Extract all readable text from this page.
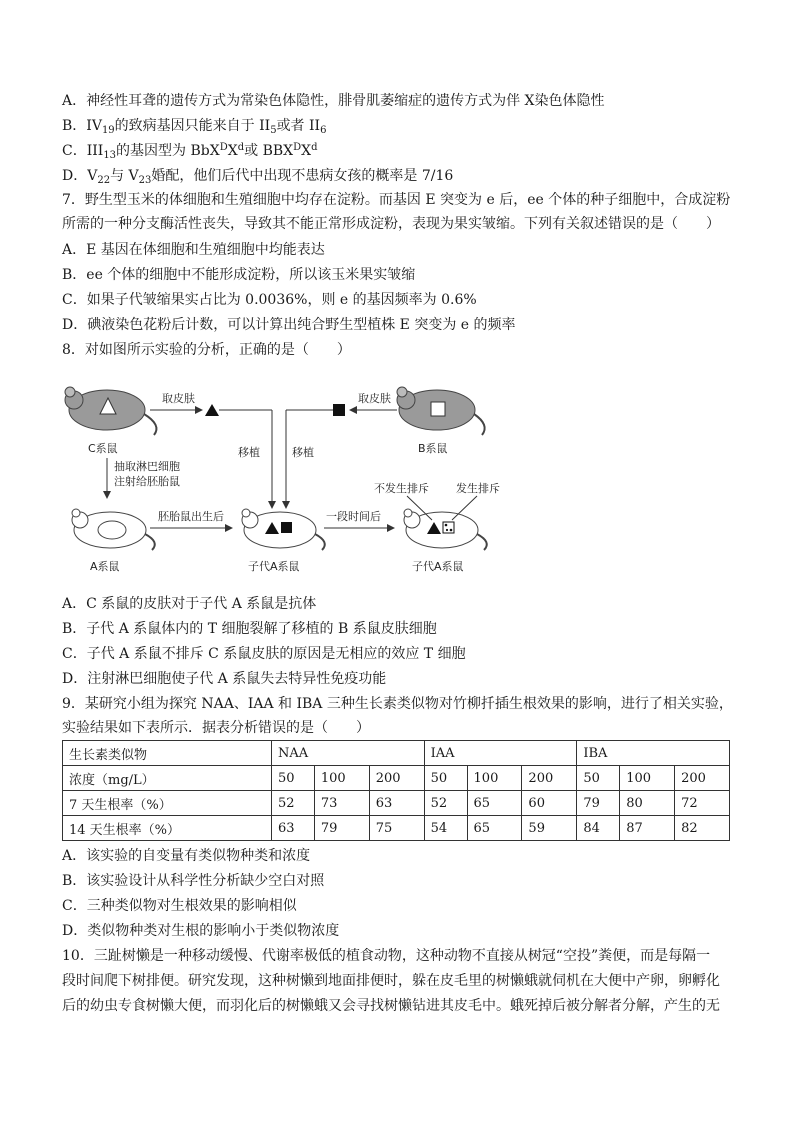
A．神经性耳聋的遗传方式为常染色体隐性，腓骨肌萎缩症的遗传方式为伴 X染色体隐性
B．$IV_{19}$的致病基因只能来自于 $II_5$或者 $II_6$
C．$III_{13}$的基因型为 $BbX^DX^d$或 $BBX^DX^d$
D．$V_{22}$与 $V_{23}$婚配，他们后代中出现不患病女孩的概率是 7/16
7．野生型玉米的体细胞和生殖细胞中均存在淀粉。而基因 E 突变为 e 后，ee 个体的种子细胞中，合成淀粉
所需的一种分支酶活性丧失，导致其不能正常形成淀粉，表现为果实皱缩。下列有关叙述错误的是（　　）
A．E 基因在体细胞和生殖细胞中均能表达
B．ee 个体的细胞中不能形成淀粉，所以该玉米果实皱缩
C．如果子代皱缩果实占比为 0.0036%，则 e 的基因频率为 0.6%
D．碘液染色花粉后计数，可以计算出纯合野生型植株 E 突变为 e 的频率
8．对如图所示实验的分析，正确的是（　　）
C系鼠	B系鼠
取皮肤
移植
取皮肤
移植
抽取淋巴细胞
注射给胚胎鼠
A系鼠
胚胎鼠出生后
子代A系鼠
一段时间后
子代A系鼠
不发生排斥 发生排斥
A．C 系鼠的皮肤对于子代 A 系鼠是抗体
B．子代 A 系鼠体内的 T 细胞裂解了移植的 B 系鼠皮肤细胞
C．子代 A 系鼠不排斥 C 系鼠皮肤的原因是无相应的效应 T 细胞
D．注射淋巴细胞使子代 A 系鼠失去特异性免疫功能
9．某研究小组为探究 NAA、IAA 和 IBA 三种生长素类似物对竹柳扦插生根效果的影响，进行了相关实验，
实验结果如下表所示．据表分析错误的是（　　）
生长素类似物	NAA			IAA			IBA		
浓度（mg/L）	50	100	200	50	100	200	50	100	200
7 天生根率（%）	52	73	63	52	65	60	79	80	72
14 天生根率（%）	63	79	75	54	65	59	84	87	82
A．该实验的自变量有类似物种类和浓度
B．该实验设计从科学性分析缺少空白对照
C．三种类似物对生根效果的影响相似
D．类似物种类对生根的影响小于类似物浓度
10．三趾树懒是一种移动缓慢、代谢率极低的植食动物，这种动物不直接从树冠“空投”粪便，而是每隔一
段时间爬下树排便。研究发现，这种树懒到地面排便时，躲在皮毛里的树懒蛾就伺机在大便中产卵，卵孵化
后的幼虫专食树懒大便，而羽化后的树懒蛾又会寻找树懒钻进其皮毛中。蛾死掉后被分解者分解，产生的无
